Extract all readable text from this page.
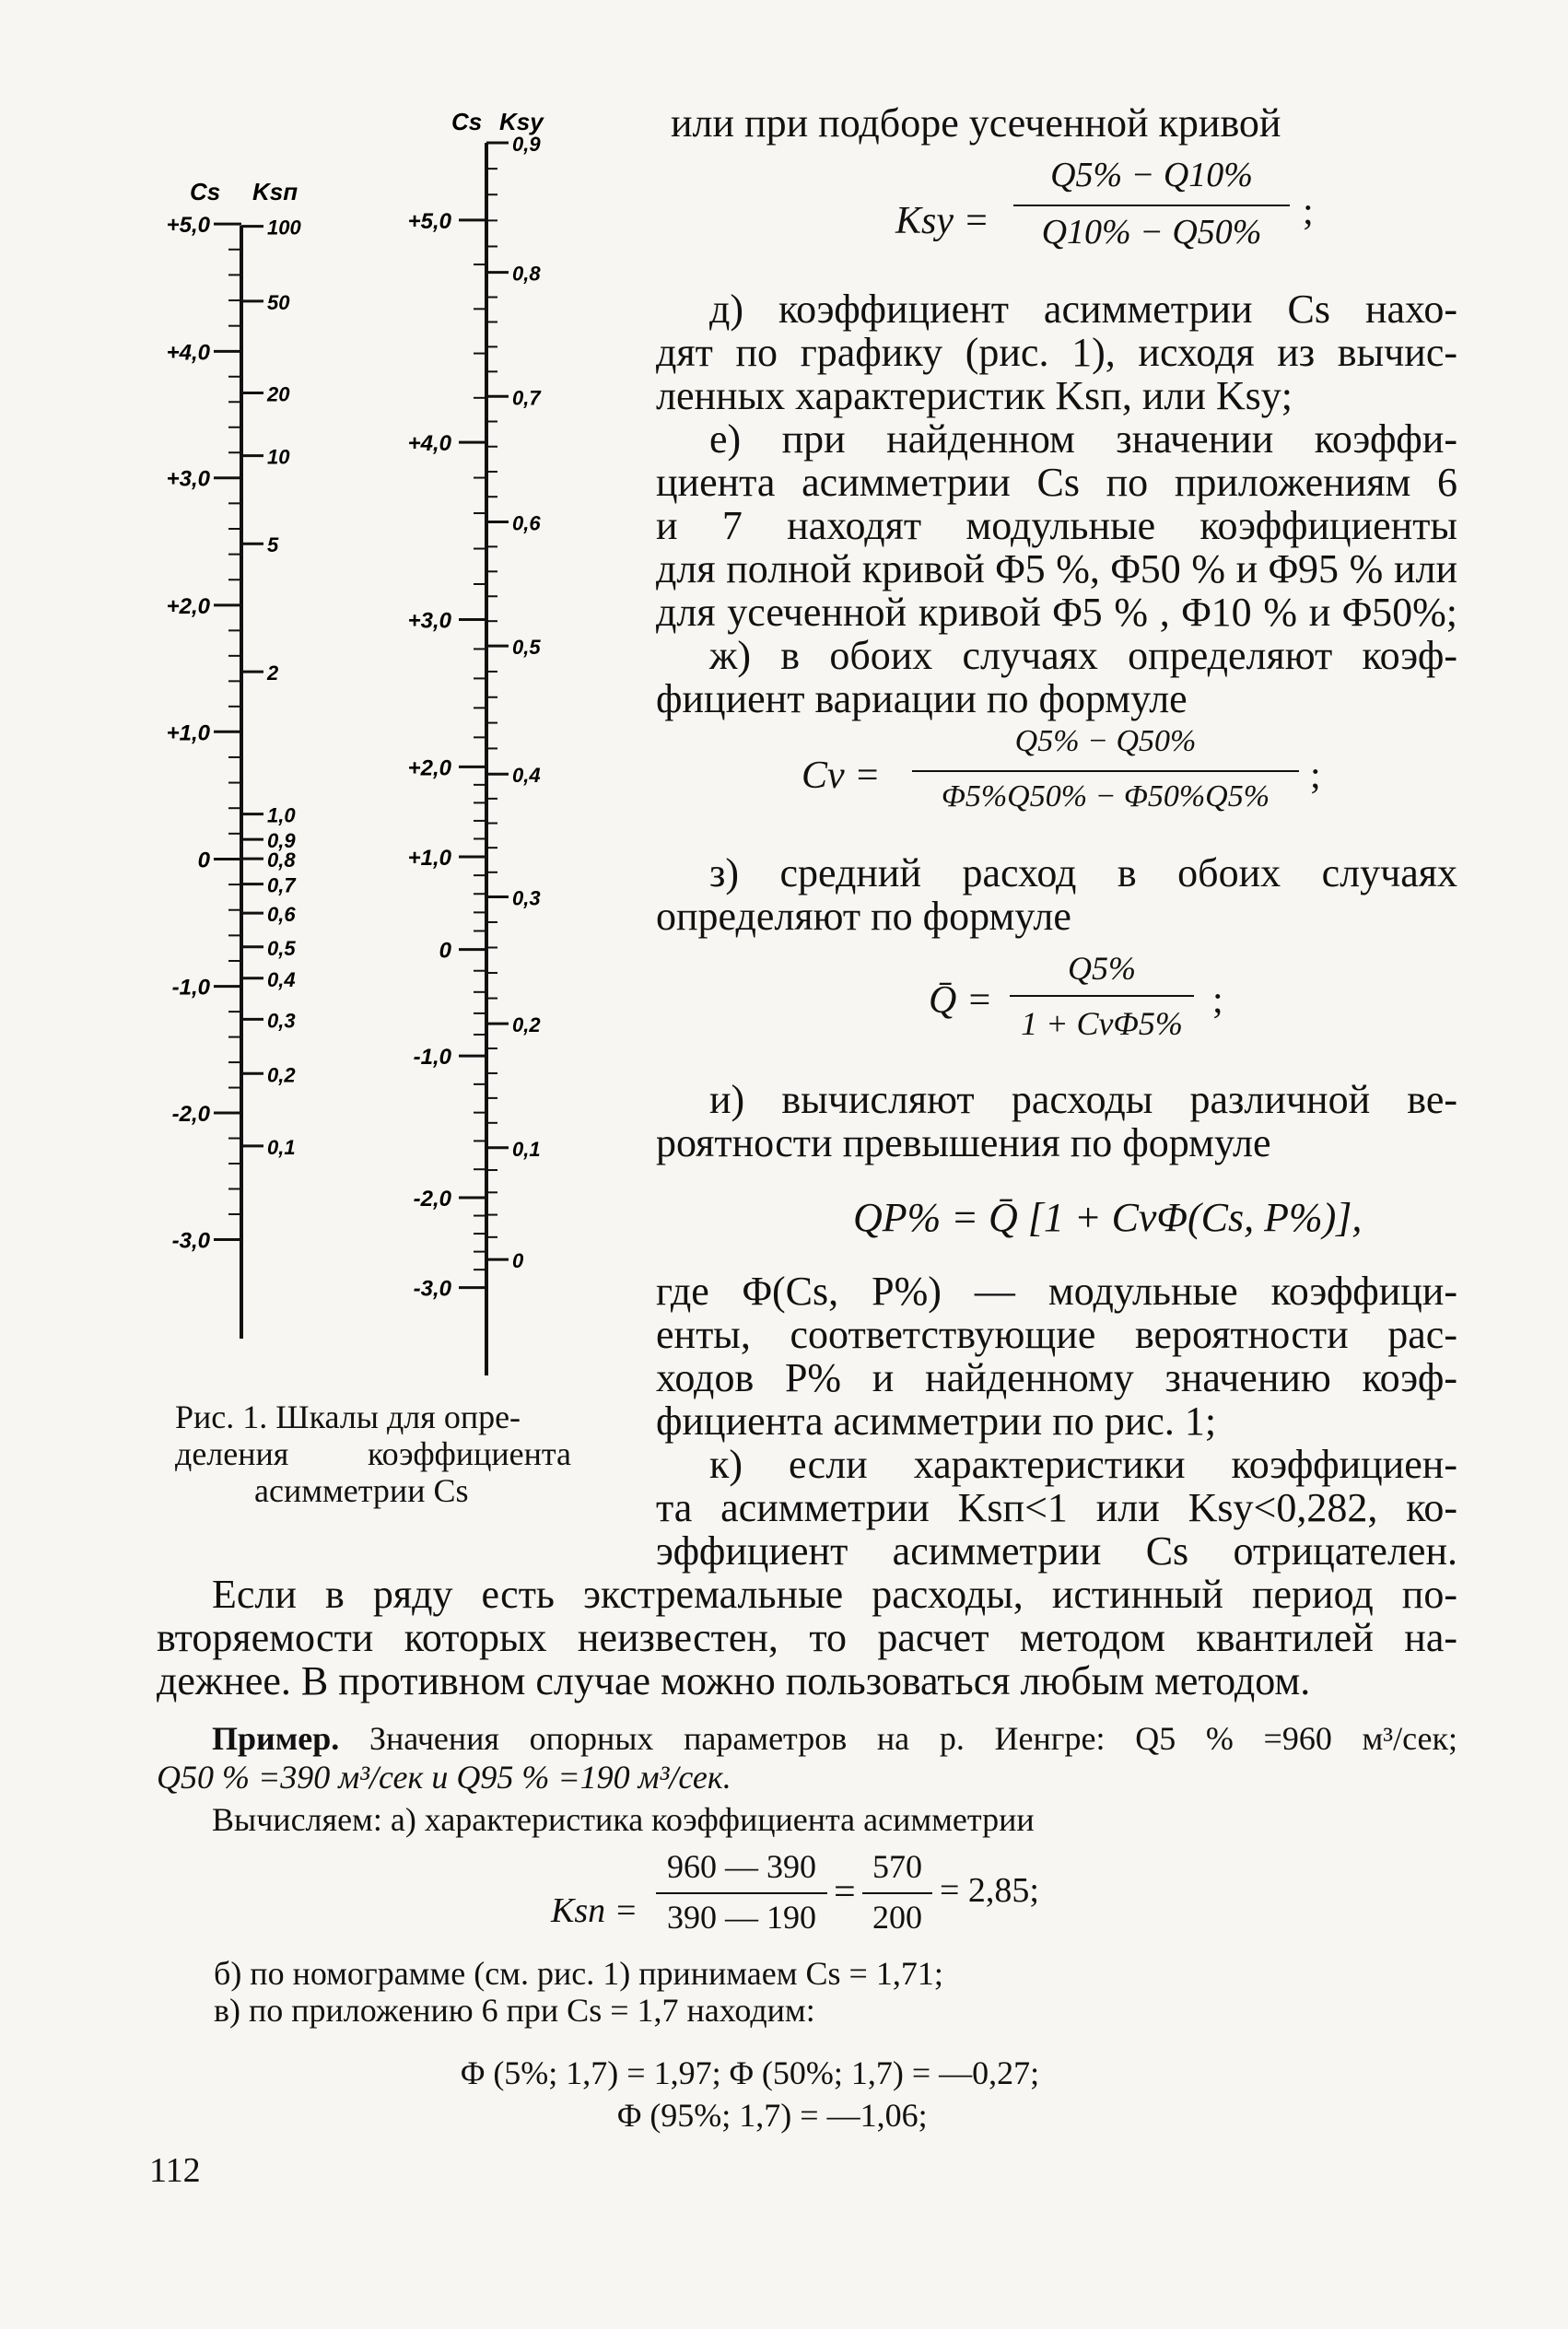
Cs Ksп
+5,0
+4,0
+3,0
+2,0
+1,0
0
-1,0
-2,0
-3,0
100
50
20
10
5
2
1,0
0,9
0,8
0,7
0,6
0,5
0,4
0,3
0,2
0,1
Cs Ksy
+5,0
+4,0
+3,0
+2,0
+1,0
0
-1,0
-2,0
-3,0
0,9
0,8
0,7
0,6
0,5
0,4
0,3
0,2
0,1
0
Рис. 1. Шкалы для опре-
деления коэффициента
асимметрии Cs
или при подборе усеченной кривой
Ksy =
Q5% − Q10%
Q10% − Q50%	;
д) коэффициент асимметрии Cs нахо-
дят по графику (рис. 1), исходя из вычис-
ленных характеристик Ksп, или Ksy;
е) при найденном значении коэффи-
циента асимметрии Cs по приложениям 6
и 7 находят модульные коэффициенты
для полной кривой Φ5 %, Φ50 % и Φ95 % или
для усеченной кривой Φ5 % , Φ10 % и Φ50%;
ж) в обоих случаях определяют коэф-
фициент вариации по формуле
Cv =
Q5% − Q50%
Φ5%Q50% − Φ50%Q5%	;
з) средний расход в обоих случаях
определяют по формуле
Q̄ =
Q5%
1 + CvΦ5%
;
и) вычисляют расходы различной ве-
роятности превышения по формуле
QP% = Q̄ [1 + CvΦ(Cs, P%)],
где Φ(Cs, P%) — модульные коэффици-
енты, соответствующие вероятности рас-
ходов P% и найденному значению коэф-
фициента асимметрии по рис. 1;
к) если характеристики коэффициен-
та асимметрии Ksп<1 или Ksy<0,282, ко-
эффициент асимметрии Cs отрицателен.
Если в ряду есть экстремальные расходы, истинный период по-
вторяемости которых неизвестен, то расчет методом квантилей на-
дежнее. В противном случае можно пользоваться любым методом.
Пример. Значения опорных параметров на р. Иенгре: Q5 % =960 м³/сек;
Q50 % =390 м³/сек и Q95 % =190 м³/сек.
Вычисляем: а) характеристика коэффициента асимметрии
Ksп =
960 — 390
390 — 190
=
570
200
= 2,85;
б) по номограмме (см. рис. 1) принимаем Cs = 1,71;
в) по приложению 6 при Cs = 1,7 находим:
Φ (5%; 1,7) = 1,97; Φ (50%; 1,7) = —0,27;
Φ (95%; 1,7) = —1,06;
112
